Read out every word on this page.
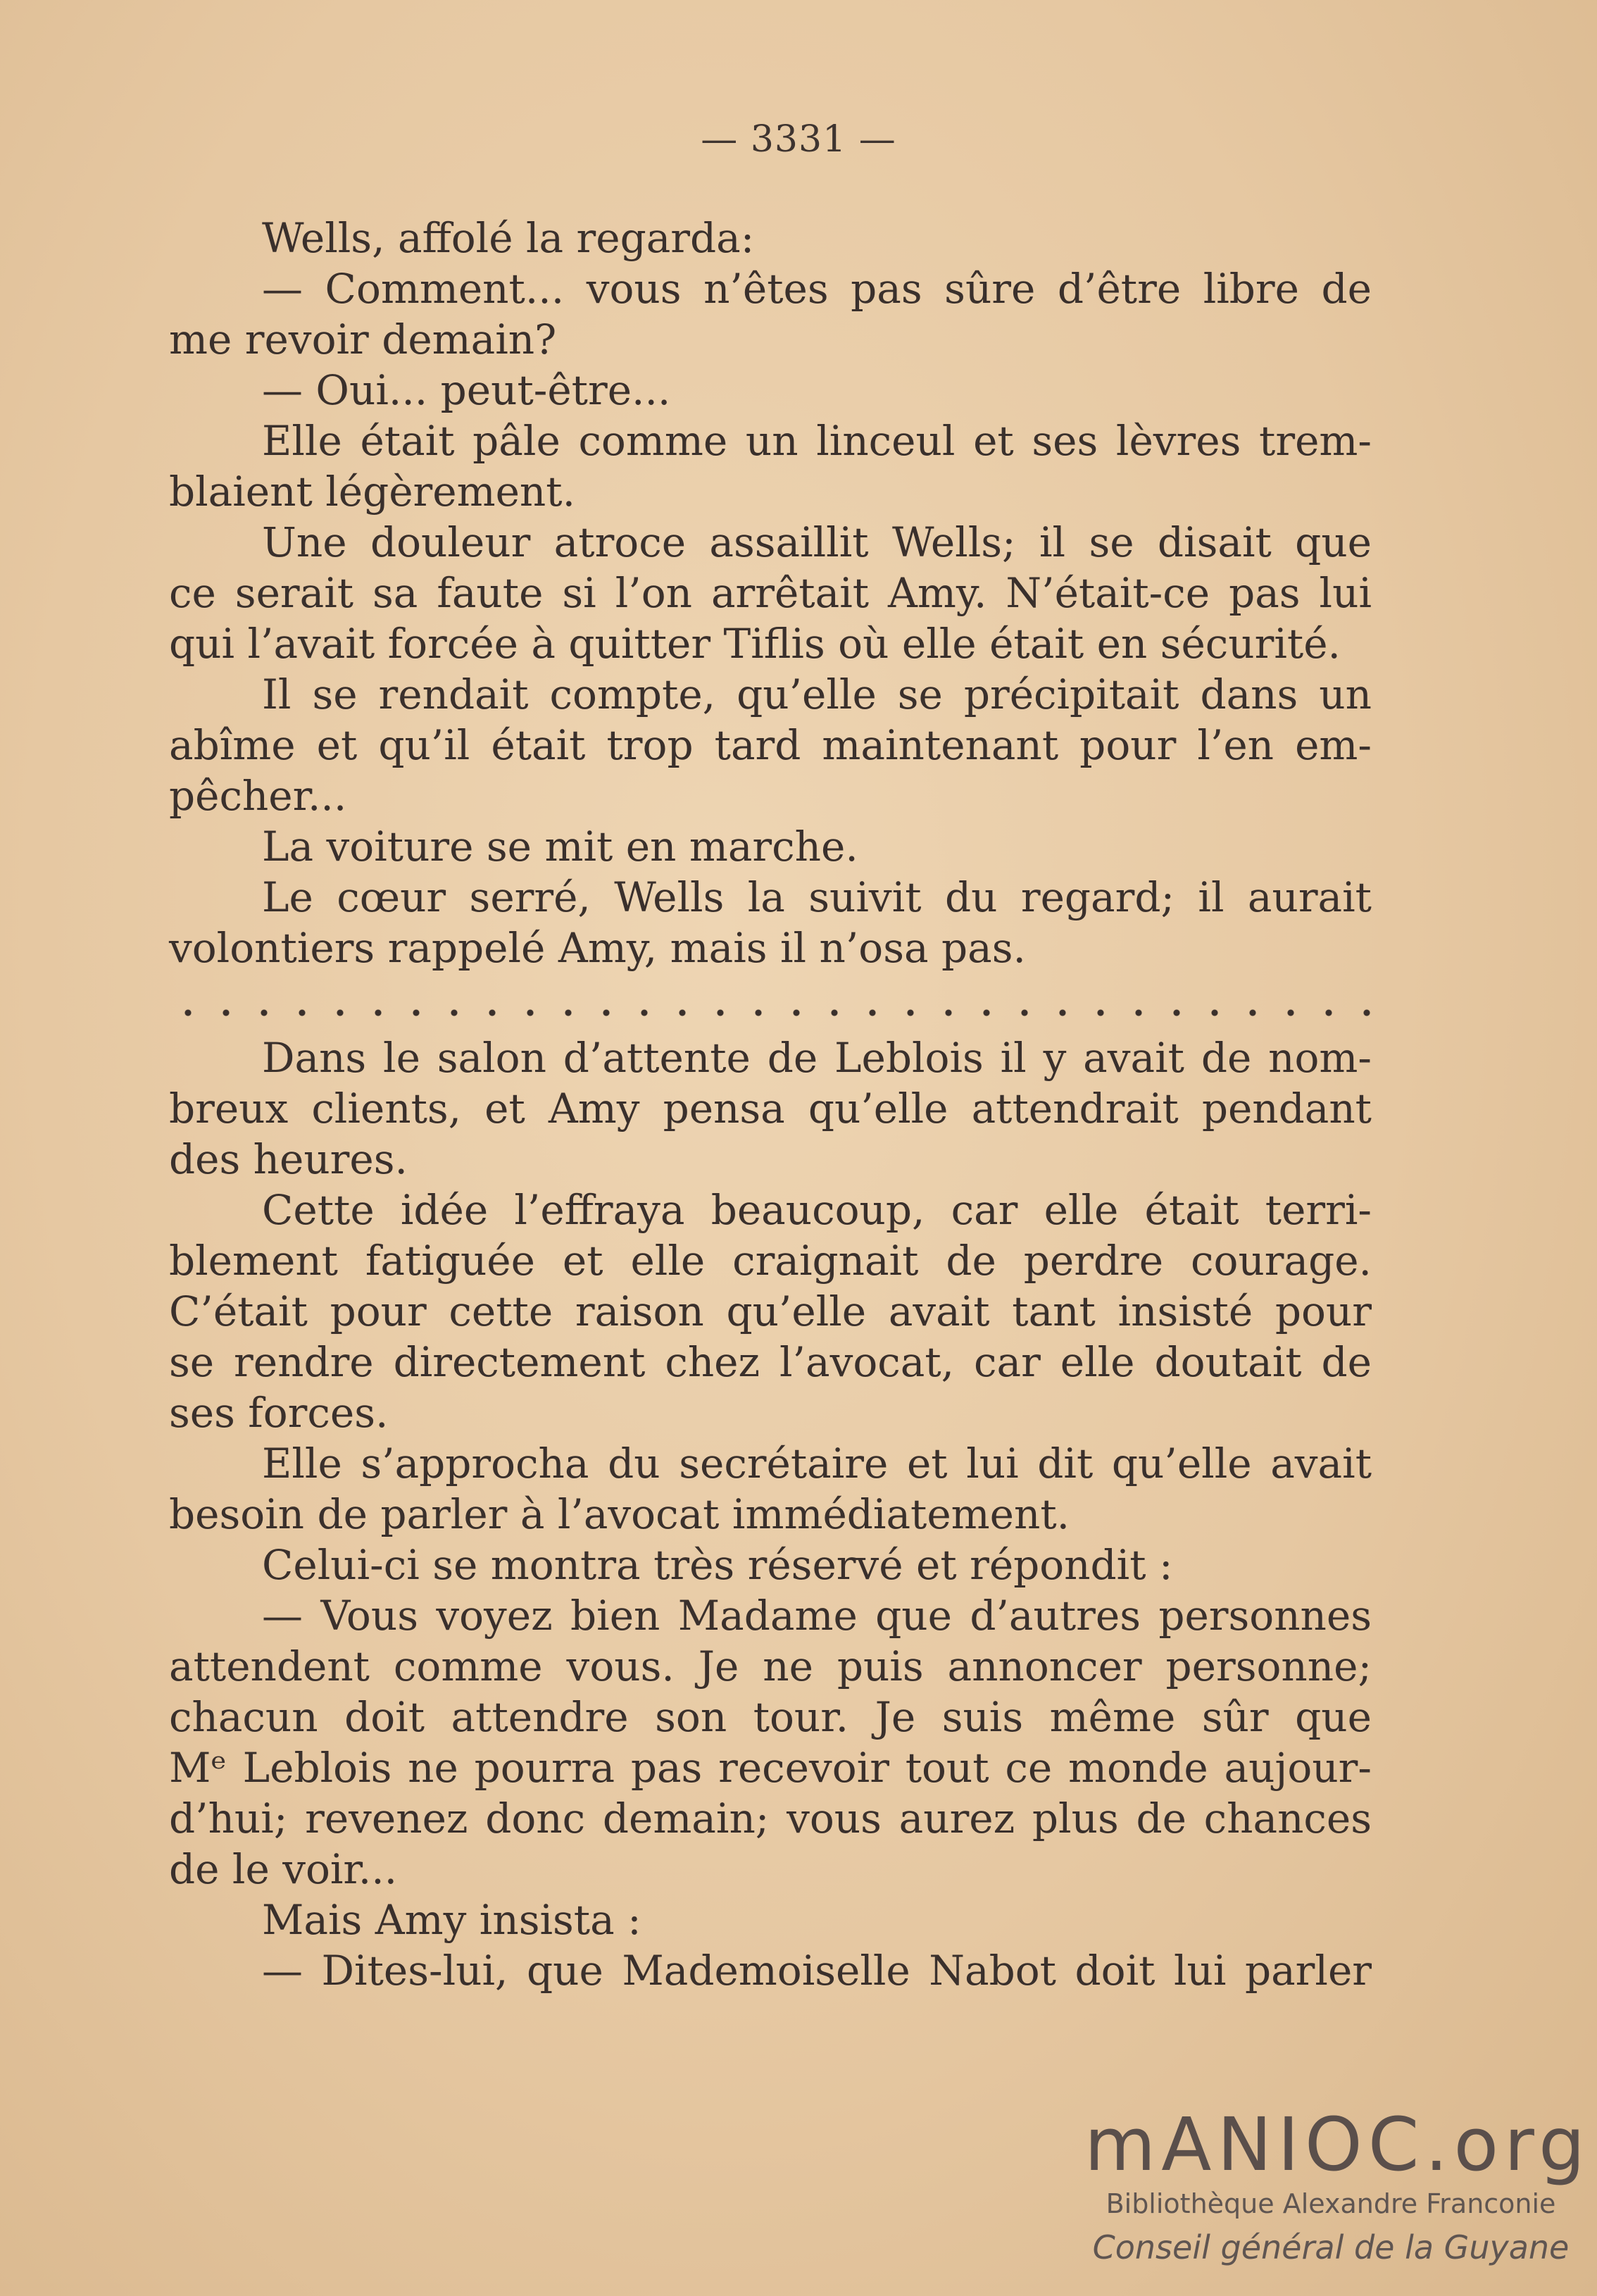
— 3331 —
Wells, affolé la regarda:
— Comment... vous n’êtes pas sûre d’être libre de
me revoir demain?
— Oui... peut-être...
Elle était pâle comme un linceul et ses lèvres trem-
blaient légèrement.
Une douleur atroce assaillit Wells; il se disait que
ce serait sa faute si l’on arrêtait Amy. N’était-ce pas lui
qui l’avait forcée à quitter Tiflis où elle était en sécurité.
Il se rendait compte, qu’elle se précipitait dans un
abîme et qu’il était trop tard maintenant pour l’en em-
pêcher...
La voiture se mit en marche.
Le cœur serré, Wells la suivit du regard; il aurait
volontiers rappelé Amy, mais il n’osa pas.
Dans le salon d’attente de Leblois il y avait de nom-
breux clients, et Amy pensa qu’elle attendrait pendant
des heures.
Cette idée l’effraya beaucoup, car elle était terri-
blement fatiguée et elle craignait de perdre courage.
C’était pour cette raison qu’elle avait tant insisté pour
se rendre directement chez l’avocat, car elle doutait de
ses forces.
Elle s’approcha du secrétaire et lui dit qu’elle avait
besoin de parler à l’avocat immédiatement.
Celui-ci se montra très réservé et répondit :
— Vous voyez bien Madame que d’autres personnes
attendent comme vous. Je ne puis annoncer personne;
chacun doit attendre son tour. Je suis même sûr que
Mᵉ Leblois ne pourra pas recevoir tout ce monde aujour-
d’hui; revenez donc demain; vous aurez plus de chances
de le voir...
Mais Amy insista :
— Dites-lui, que Mademoiselle Nabot doit lui parler
mANIOC.org
Bibliothèque Alexandre Franconie
Conseil général de la Guyane
